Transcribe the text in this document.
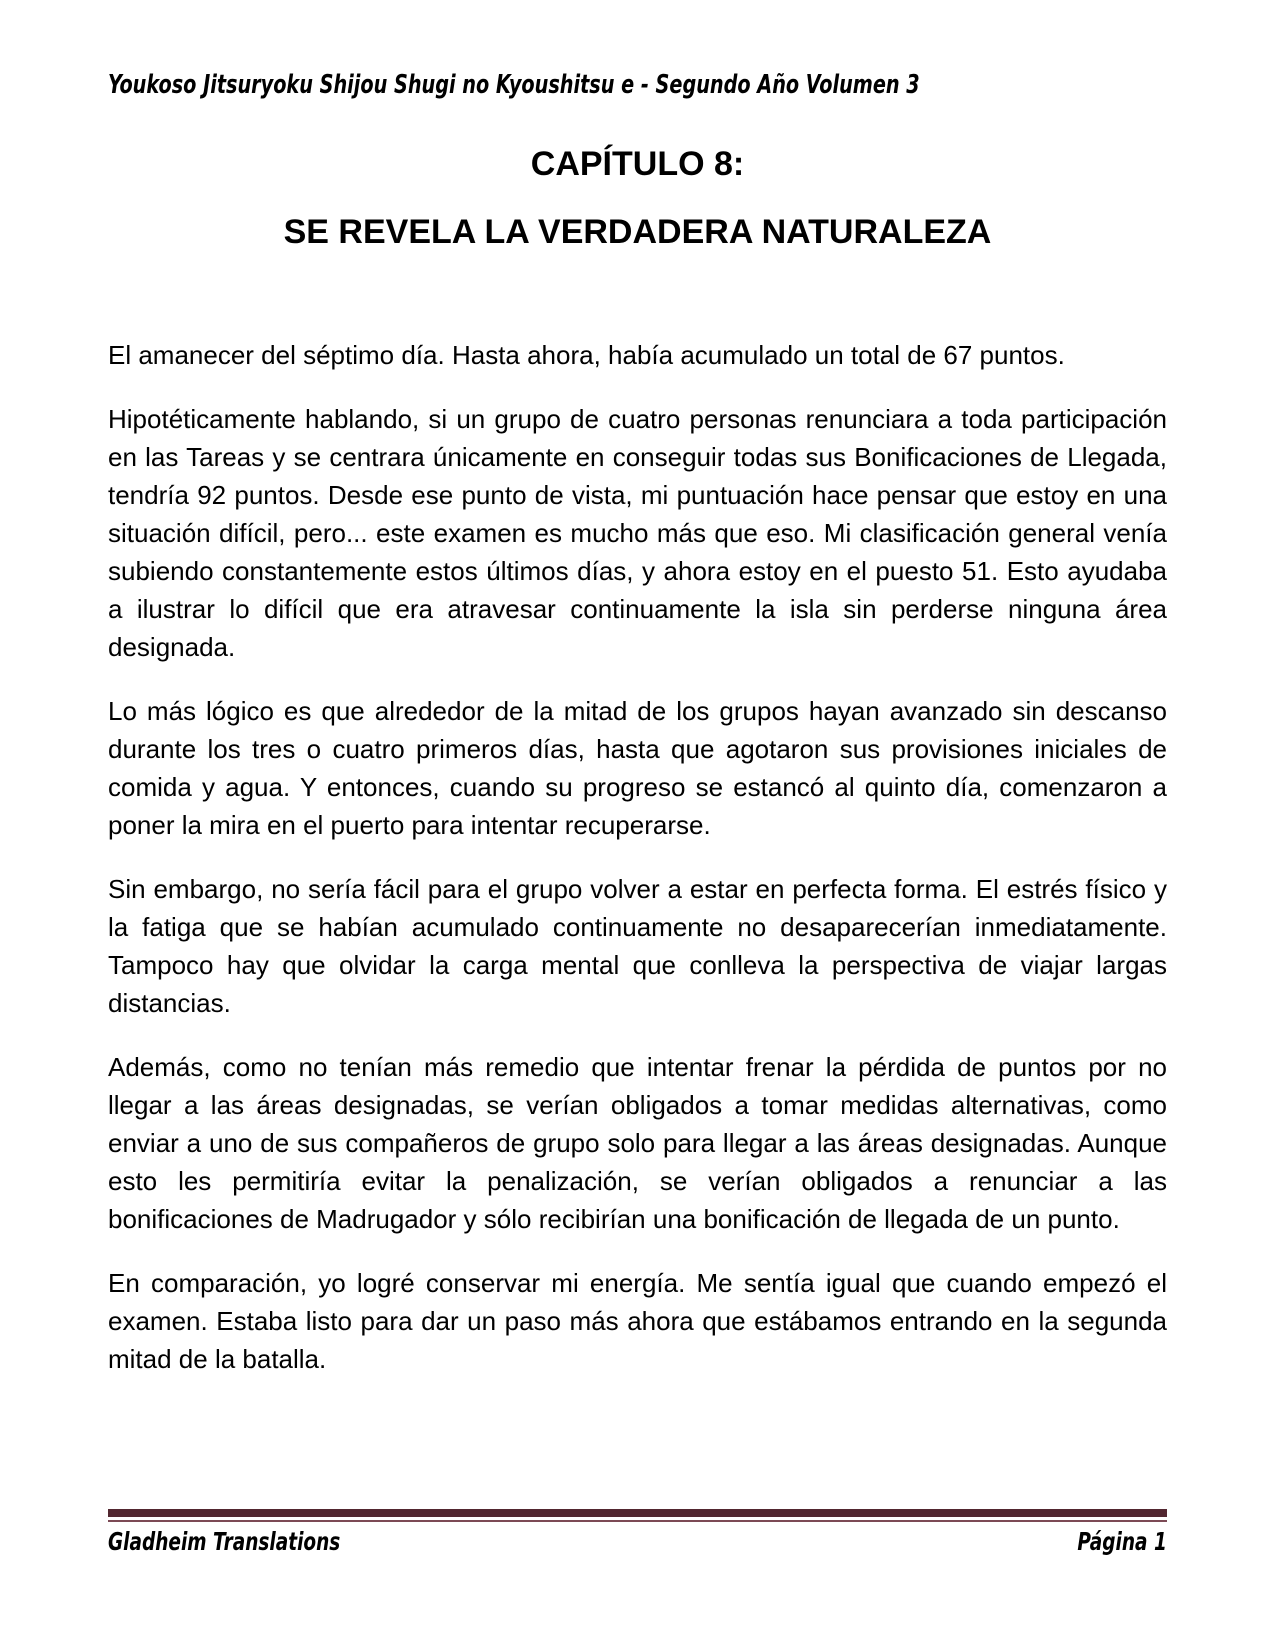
Youkoso Jitsuryoku Shijou Shugi no Kyoushitsu e - Segundo Año Volumen 3
CAPÍTULO 8:
SE REVELA LA VERDADERA NATURALEZA

El amanecer del séptimo día. Hasta ahora, había acumulado un total de 67 puntos.

Hipotéticamente hablando, si un grupo de cuatro personas renunciara a toda participación en las Tareas y se centrara únicamente en conseguir todas sus Bonificaciones de Llegada, tendría 92 puntos. Desde ese punto de vista, mi puntuación hace pensar que estoy en una situación difícil, pero... este examen es mucho más que eso. Mi clasificación general venía subiendo constantemente estos últimos días, y ahora estoy en el puesto 51. Esto ayudaba a ilustrar lo difícil que era atravesar continuamente la isla sin perderse ninguna área designada.

Lo más lógico es que alrededor de la mitad de los grupos hayan avanzado sin descanso durante los tres o cuatro primeros días, hasta que agotaron sus provisiones iniciales de comida y agua. Y entonces, cuando su progreso se estancó al quinto día, comenzaron a poner la mira en el puerto para intentar recuperarse.

Sin embargo, no sería fácil para el grupo volver a estar en perfecta forma. El estrés físico y la fatiga que se habían acumulado continuamente no desaparecerían inmediatamente. Tampoco hay que olvidar la carga mental que conlleva la perspectiva de viajar largas distancias.

Además, como no tenían más remedio que intentar frenar la pérdida de puntos por no llegar a las áreas designadas, se verían obligados a tomar medidas alternativas, como enviar a uno de sus compañeros de grupo solo para llegar a las áreas designadas. Aunque esto les permitiría evitar la penalización, se verían obligados a renunciar a las bonificaciones de Madrugador y sólo recibirían una bonificación de llegada de un punto.

En comparación, yo logré conservar mi energía. Me sentía igual que cuando empezó el examen. Estaba listo para dar un paso más ahora que estábamos entrando en la segunda mitad de la batalla.

Gladheim Translations	Página 1
